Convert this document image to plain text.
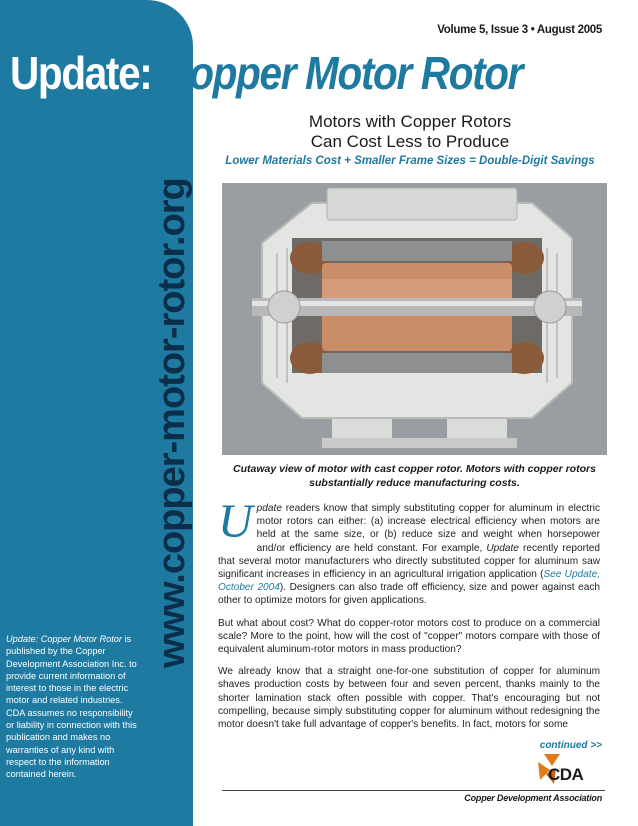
www.copper-motor-rotor.org
Volume 5, Issue 3 • August 2005
Update: Copper Motor Rotor
Motors with Copper Rotors
Can Cost Less to Produce
Lower Materials Cost + Smaller Frame Sizes = Double-Digit Savings
Cutaway view of motor with cast copper rotor. Motors with copper rotors substantially reduce manufacturing costs.

Update readers know that simply substituting copper for aluminum in electric motor rotors can either: (a) increase electrical efficiency when motors are held at the same size, or (b) reduce size and weight when horsepower and/or efficiency are held constant. For example, Update recently reported that several motor manufacturers who directly substituted copper for aluminum saw significant increases in efficiency in an agricultural irrigation application (See Update, October 2004). Designers can also trade off efficiency, size and power against each other to optimize motors for given applications.

But what about cost? What do copper-rotor motors cost to produce on a commercial scale? More to the point, how will the cost of "copper" motors compare with those of equivalent aluminum-rotor motors in mass production?

We already know that a straight one-for-one substitution of copper for aluminum shaves production costs by between four and seven percent, thanks mainly to the shorter lamination stack often possible with copper. That's encouraging but not compelling, because simply substituting copper for aluminum without redesigning the motor doesn't take full advantage of copper's benefits. In fact, motors for some

continued >>
Update: Copper Motor Rotor is published by the Copper Development Association Inc. to provide current information of interest to those in the electric motor and related industries. CDA assumes no responsibility or liability in connection with this publication and makes no warranties of any kind with respect to the information contained herein.	CDA
Copper Development Association
